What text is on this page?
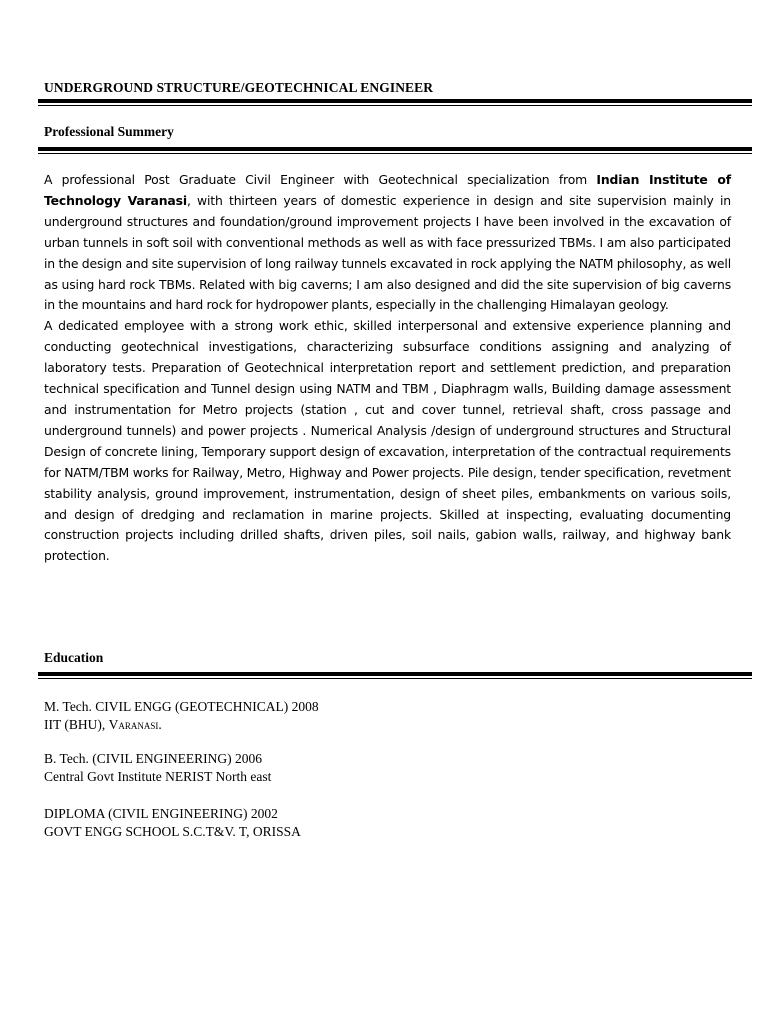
UNDERGROUND STRUCTURE/GEOTECHNICAL ENGINEER
Professional Summery

A professional Post Graduate Civil Engineer with Geotechnical specialization from Indian Institute of Technology Varanasi, with thirteen years of domestic experience in design and site supervision mainly in underground structures and foundation/ground improvement projects I have been involved in the excavation of urban tunnels in soft soil with conventional methods as well as with face pressurized TBMs. I am also participated in the design and site supervision of long railway tunnels excavated in rock applying the NATM philosophy, as well as using hard rock TBMs. Related with big caverns; I am also designed and did the site supervision of big caverns in the mountains and hard rock for hydropower plants, especially in the challenging Himalayan geology.

A dedicated employee with a strong work ethic, skilled interpersonal and extensive experience planning and conducting geotechnical investigations, characterizing subsurface conditions assigning and analyzing of laboratory tests. Preparation of Geotechnical interpretation report and settlement prediction, and preparation technical specification and Tunnel design using NATM and TBM , Diaphragm walls, Building damage assessment and instrumentation for Metro projects (station , cut and cover tunnel, retrieval shaft, cross passage and underground tunnels) and power projects . Numerical Analysis /design of underground structures and Structural Design of concrete lining, Temporary support design of excavation, interpretation of the contractual requirements for NATM/TBM works for Railway, Metro, Highway and Power projects. Pile design, tender specification, revetment stability analysis, ground improvement, instrumentation, design of sheet piles, embankments on various soils, and design of dredging and reclamation in marine projects. Skilled at inspecting, evaluating documenting construction projects including drilled shafts, driven piles, soil nails, gabion walls, railway, and highway bank protection.

Education
M. Tech. CIVIL ENGG (GEOTECHNICAL) 2008
IIT (BHU), Varanasi.
B. Tech. (CIVIL ENGINEERING) 2006
Central Govt Institute NERIST North east
DIPLOMA (CIVIL ENGINEERING) 2002
GOVT ENGG SCHOOL S.C.T&V. T, ORISSA
